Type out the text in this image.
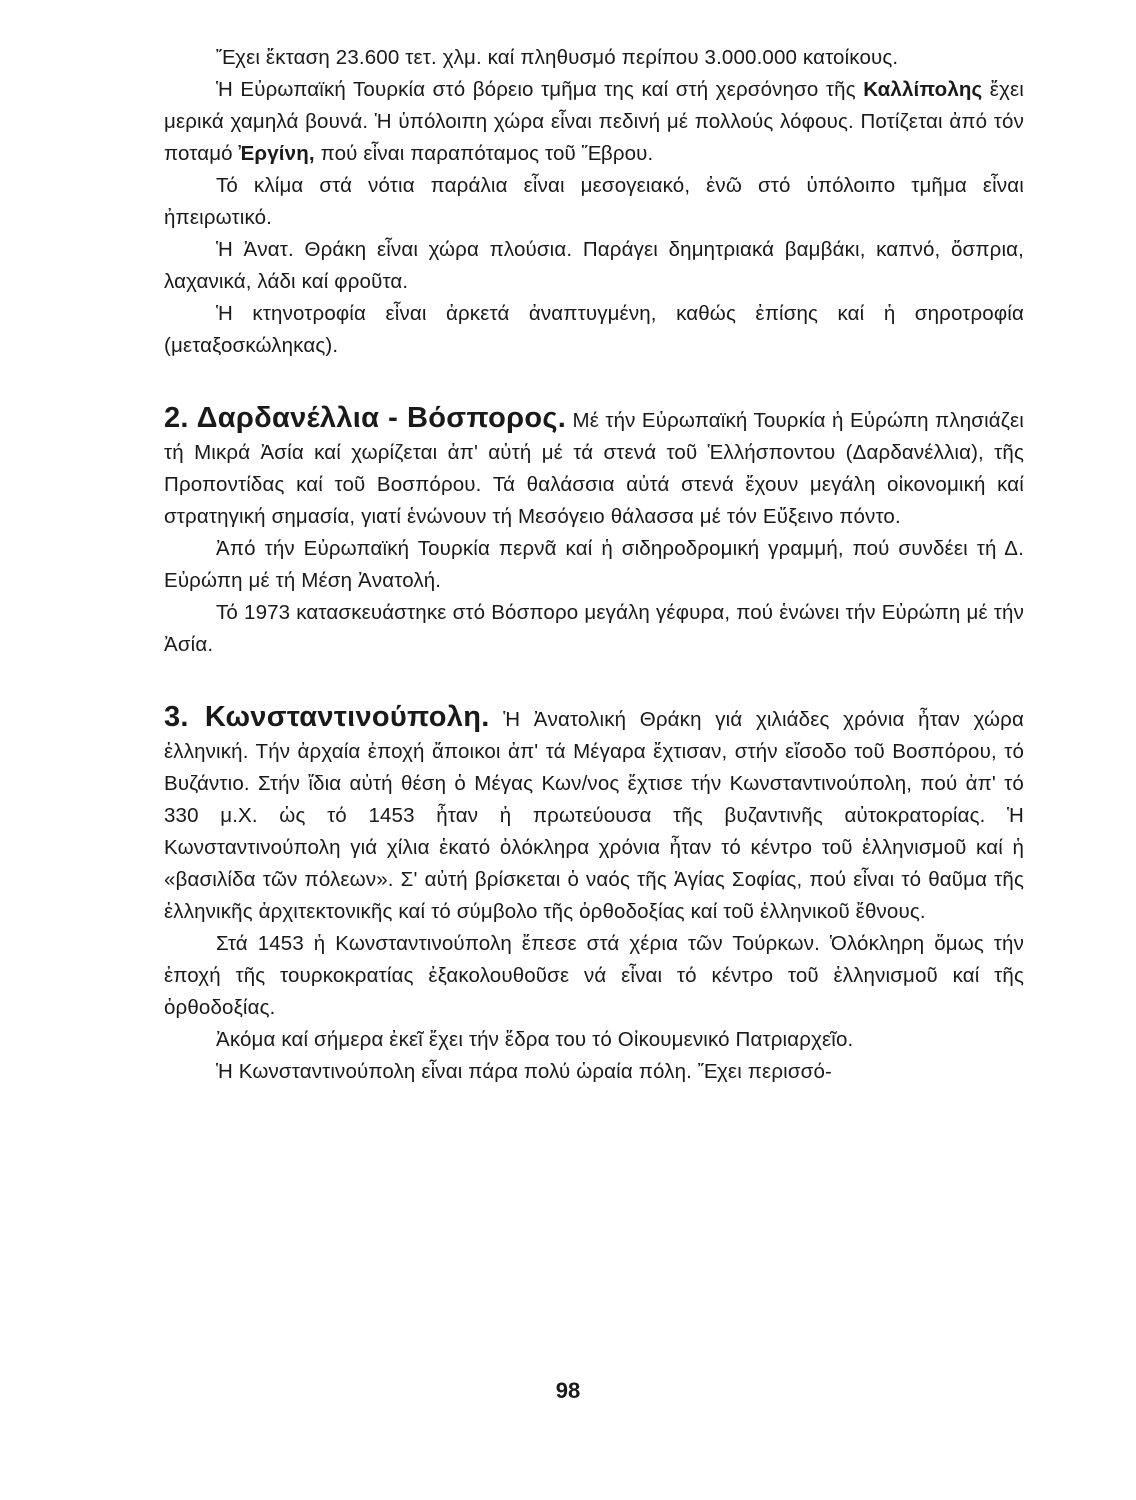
Ἔχει ἔκταση 23.600 τετ. χλμ. καί πληθυσμό περίπου 3.000.000 κατοίκους.

Ἡ Εὐρωπαϊκή Τουρκία στό βόρειο τμῆμα της καί στή χερσόνησο τῆς Καλλίπολης ἔχει μερικά χαμηλά βουνά. Ἡ ὑπόλοιπη χώρα εἶναι πεδινή μέ πολλούς λόφους. Ποτίζεται ἀπό τόν ποταμό Ἐργίνη, πού εἶναι παραπόταμος τοῦ Ἕβρου.

Τό κλίμα στά νότια παράλια εἶναι μεσογειακό, ἐνῶ στό ὑπόλοιπο τμῆμα εἶναι ἠπειρωτικό.

Ἡ Ἀνατ. Θράκη εἶναι χώρα πλούσια. Παράγει δημητριακά βαμβάκι, καπνό, ὄσπρια, λαχανικά, λάδι καί φροῦτα.

Ἡ κτηνοτροφία εἶναι ἀρκετά ἀναπτυγμένη, καθώς ἐπίσης καί ἡ σηροτροφία (μεταξοσκώληκας).

2. Δαρδανέλλια - Βόσπορος. Μέ τήν Εὐρωπαϊκή Τουρκία ἡ Εὐρώπη πλησιάζει τή Μικρά Ἀσία καί χωρίζεται ἀπ' αὐτή μέ τά στενά τοῦ Ἑλλήσποντου (Δαρδανέλλια), τῆς Προποντίδας καί τοῦ Βοσπόρου. Τά θαλάσσια αὐτά στενά ἔχουν μεγάλη οἰκονομική καί στρατηγική σημασία, γιατί ἑνώνουν τή Μεσόγειο θάλασσα μέ τόν Εὔξεινο πόντο.

Ἀπό τήν Εὐρωπαϊκή Τουρκία περνᾶ καί ἡ σιδηροδρομική γραμμή, πού συνδέει τή Δ. Εὐρώπη μέ τή Μέση Ἀνατολή.

Τό 1973 κατασκευάστηκε στό Βόσπορο μεγάλη γέφυρα, πού ἑνώνει τήν Εὐρώπη μέ τήν Ἀσία.

3. Κωνσταντινούπολη. Ἡ Ἀνατολική Θράκη γιά χιλιάδες χρόνια ἦταν χώρα ἑλληνική. Τήν ἀρχαία ἐποχή ἄποικοι ἀπ' τά Μέγαρα ἔχτισαν, στήν εἴσοδο τοῦ Βοσπόρου, τό Βυζάντιο. Στήν ἴδια αὐτή θέση ὁ Μέγας Κων/νος ἔχτισε τήν Κωνσταντινούπολη, πού ἀπ' τό 330 μ.Χ. ὡς τό 1453 ἦταν ἡ πρωτεύουσα τῆς βυζαντινῆς αὐτοκρατορίας. Ἡ Κωνσταντινούπολη γιά χίλια ἑκατό ὁλόκληρα χρόνια ἦταν τό κέντρο τοῦ ἑλληνισμοῦ καί ἡ «βασιλίδα τῶν πόλεων». Σ' αὐτή βρίσκεται ὁ ναός τῆς Ἁγίας Σοφίας, πού εἶναι τό θαῦμα τῆς ἑλληνικῆς ἀρχιτεκτονικῆς καί τό σύμβολο τῆς ὀρθοδοξίας καί τοῦ ἑλληνικοῦ ἔθνους.

Στά 1453 ἡ Κωνσταντινούπολη ἔπεσε στά χέρια τῶν Τούρκων. Ὁλόκληρη ὅμως τήν ἐποχή τῆς τουρκοκρατίας ἐξακολουθοῦσε νά εἶναι τό κέντρο τοῦ ἑλληνισμοῦ καί τῆς ὀρθοδοξίας.

Ἀκόμα καί σήμερα ἐκεῖ ἔχει τήν ἕδρα του τό Οἰκουμενικό Πατριαρχεῖο.

Ἡ Κωνσταντινούπολη εἶναι πάρα πολύ ὡραία πόλη. Ἔχει περισσό-

98
